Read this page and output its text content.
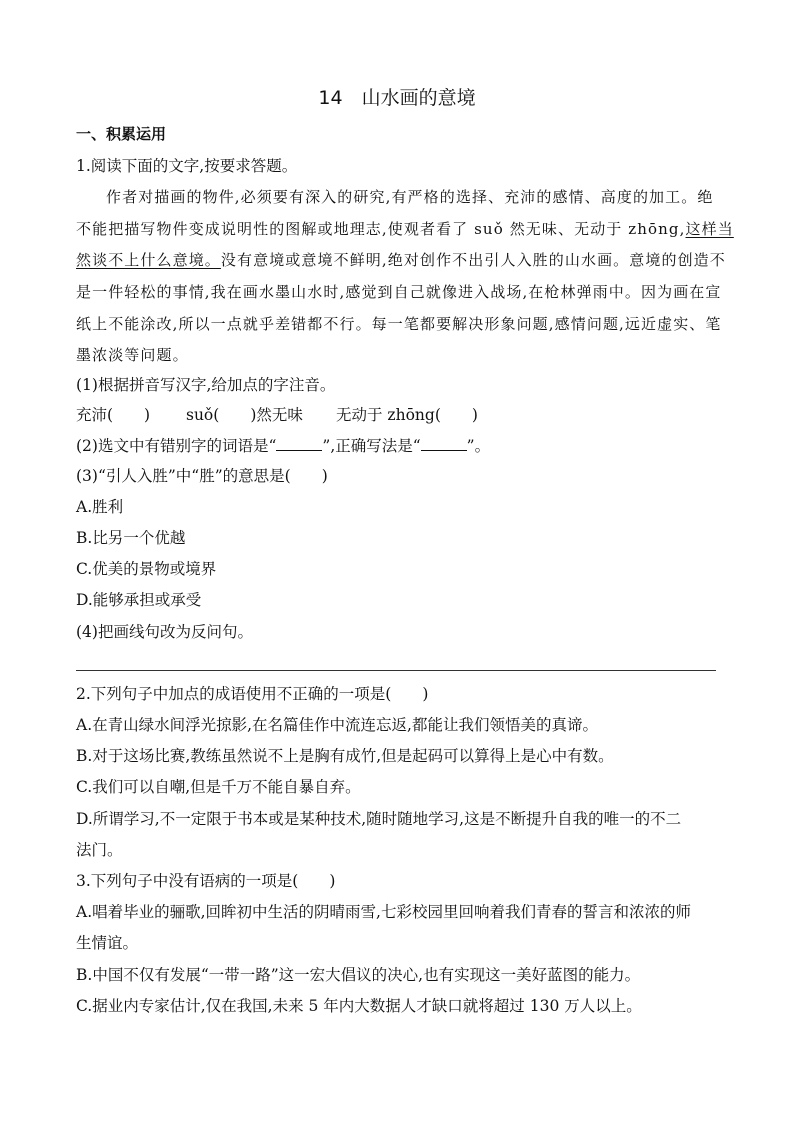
14　山水画的意境
一、积累运用
1.阅读下面的文字,按要求答题。
作者对描画的物件,必须要有深入的研究,有严格的选择、充沛的感情、高度的加工。绝
不能把描写物件变成说明性的图解或地理志,使观者看了 suǒ 然无味、无动于 zhōng,这样当
然谈不上什么意境。没有意境或意境不鲜明,绝对创作不出引人入胜的山水画。意境的创造不
是一件轻松的事情,我在画水墨山水时,感觉到自己就像进入战场,在枪林弹雨中。因为画在宣
纸上不能涂改,所以一点就乎差错都不行。每一笔都要解决形象问题,感情问题,远近虚实、笔
墨浓淡等问题。
(1)根据拼音写汉字,给加点的字注音。
充沛(　　) suǒ(　　)然无味 无动于 zhōng(　　)
(2)选文中有错别字的词语是“	”,正确写法是“	”。
(3)“引人入胜”中“胜”的意思是(　　)
A.胜利
B.比另一个优越
C.优美的景物或境界
D.能够承担或承受
(4)把画线句改为反问句。
2.下列句子中加点的成语使用不正确的一项是(　　)
A.在青山绿水间浮光掠影,在名篇佳作中流连忘返,都能让我们领悟美的真谛。
B.对于这场比赛,教练虽然说不上是胸有成竹,但是起码可以算得上是心中有数。
C.我们可以自嘲,但是千万不能自暴自弃。
D.所谓学习,不一定限于书本或是某种技术,随时随地学习,这是不断提升自我的唯一的不二
法门。
3.下列句子中没有语病的一项是(　　)
A.唱着毕业的骊歌,回眸初中生活的阴晴雨雪,七彩校园里回响着我们青春的誓言和浓浓的师
生情谊。
B.中国不仅有发展“一带一路”这一宏大倡议的决心,也有实现这一美好蓝图的能力。
C.据业内专家估计,仅在我国,未来 5 年内大数据人才缺口就将超过 130 万人以上。
